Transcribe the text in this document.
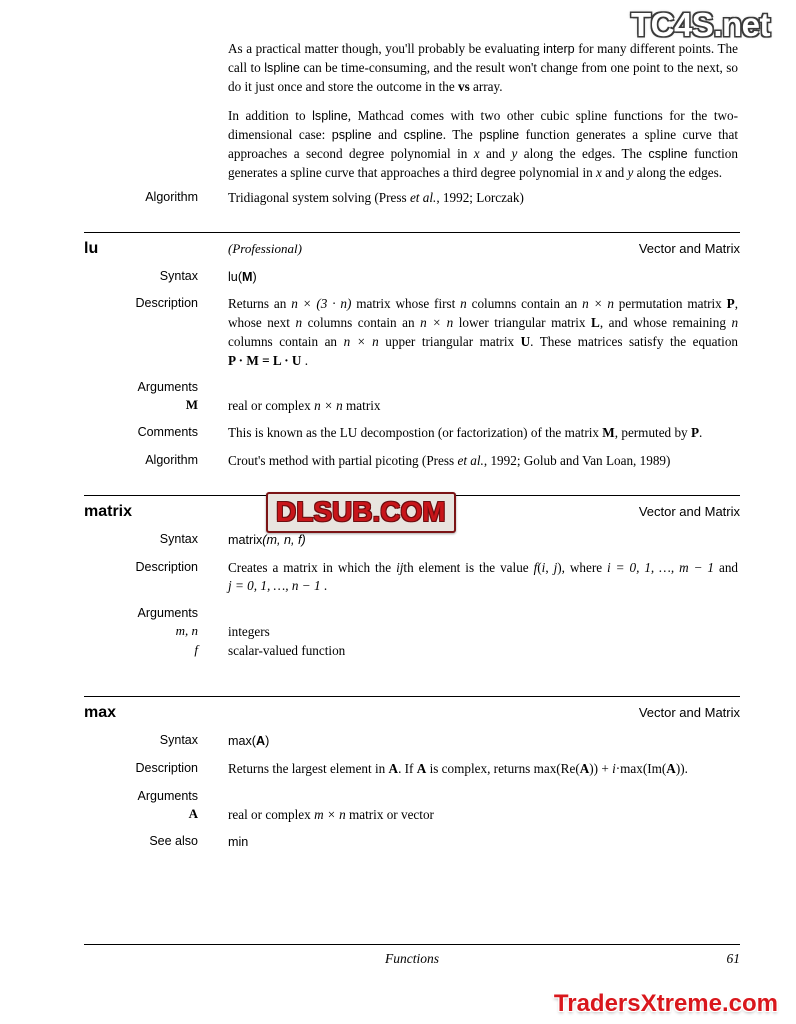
TC4S.net
DLSUB.COM
TradersXtreme.com

As a practical matter though, you'll probably be evaluating interp for many different points. The call to lspline can be time-consuming, and the result won't change from one point to the next, so do it just once and store the outcome in the vs array.

In addition to lspline, Mathcad comes with two other cubic spline functions for the two-dimensional case: pspline and cspline. The pspline function generates a spline curve that approaches a second degree polynomial in x and y along the edges. The cspline function generates a spline curve that approaches a third degree polynomial in x and y along the edges.

Algorithm Tridiagonal system solving (Press et al., 1992; Lorczak)

lu	(Professional)	Vector and Matrix
Syntax	lu(M)
Description Returns an n × (3 · n) matrix whose first n columns contain an n × n permutation matrix P, whose next n columns contain an n × n lower triangular matrix L, and whose remaining n columns contain an n × n upper triangular matrix U. These matrices satisfy the equation P · M = L · U .

Arguments
M	real or complex n × n matrix
Comments This is known as the LU decompostion (or factorization) of the matrix M, permuted by P.

Algorithm Crout's method with partial picoting (Press et al., 1992; Golub and Van Loan, 1989)

matrix	Vector and Matrix
Syntax	matrix(m, n, f)
Description Creates a matrix in which the ijth element is the value f(i, j), where i = 0, 1, …, m − 1 and j = 0, 1, …, n − 1 .

Arguments
m, n	integers
f	scalar-valued function
max	Vector and Matrix
Syntax	max(A)
Description Returns the largest element in A. If A is complex, returns max(Re(A)) + i·max(Im(A)).

Arguments
A	real or complex m × n matrix or vector
See also	min
Functions	61
